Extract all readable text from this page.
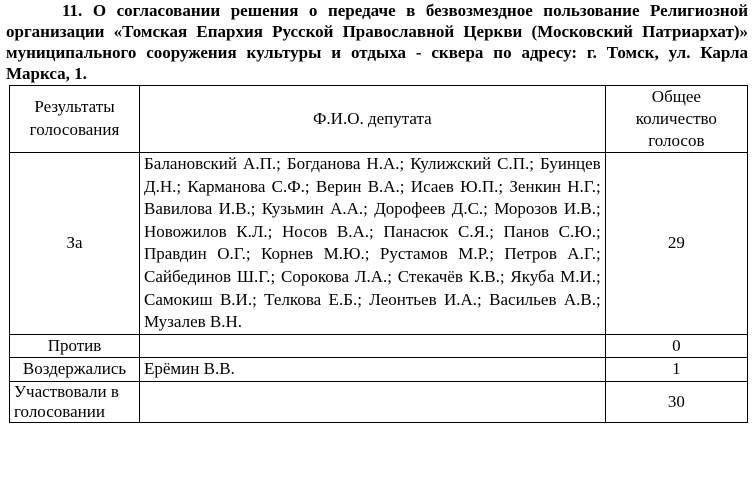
11. О согласовании решения о передаче в безвозмездное пользование Религиозной организации «Томская Епархия Русской Православной Церкви (Московский Патриархат)» муниципального сооружения культуры и отдыха - сквера по адресу: г. Томск, ул. Карла Маркса, 1.
Результаты голосования	Ф.И.О. депутата	Общее количество голосов
За	Балановский А.П.; Богданова Н.А.; Кулижский С.П.; Буинцев Д.Н.; Карманова С.Ф.; Верин В.А.; Исаев Ю.П.; Зенкин Н.Г.; Вавилова И.В.; Кузьмин А.А.; Дорофеев Д.С.; Морозов И.В.; Новожилов К.Л.; Носов В.А.; Панасюк С.Я.; Панов С.Ю.; Правдин О.Г.; Корнев М.Ю.; Рустамов М.Р.; Петров А.Г.; Сайбединов Ш.Г.; Сорокова Л.А.; Стекачёв К.В.; Якуба М.И.; Самокиш В.И.; Телкова Е.Б.; Леонтьев И.А.; Васильев А.В.; Музалев В.Н.	29
Против		0
Воздержались	Ерёмин В.В.	1
Участвовали в голосовании		30
